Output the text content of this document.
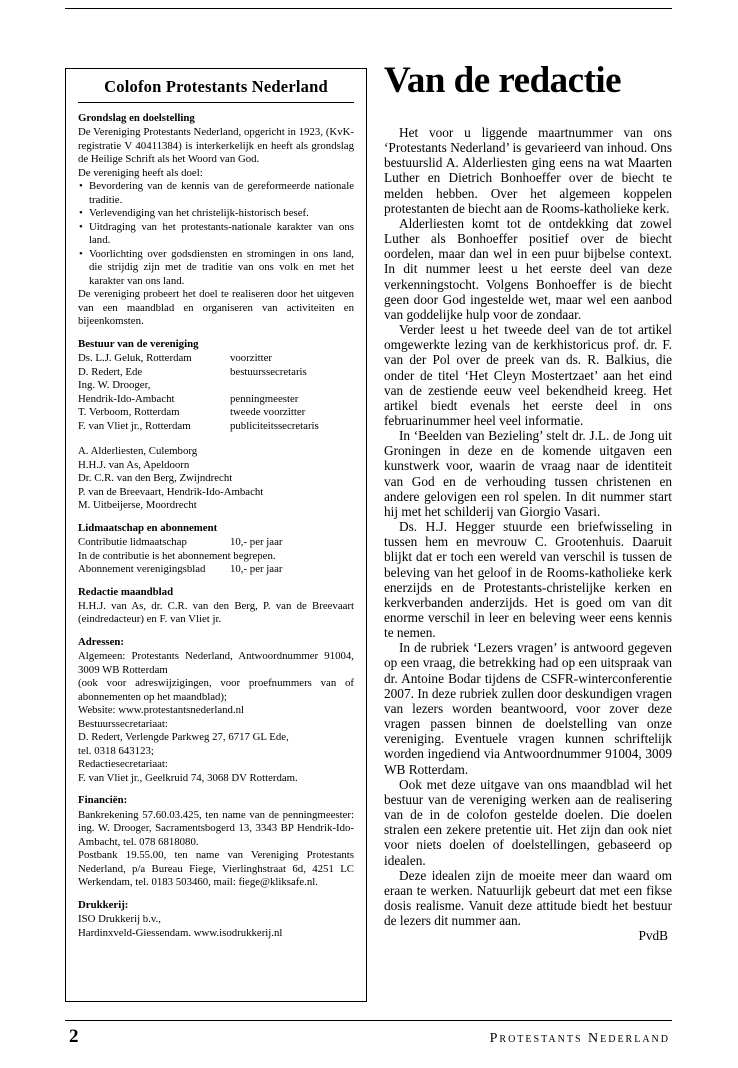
Colofon Protestants Nederland
Grondslag en doelstelling

De Vereniging Protestants Nederland, opgericht in 1923, (KvK-registratie V 40411384) is interkerkelijk en heeft als grondslag de Heilige Schrift als het Woord van God.

De vereniging heeft als doel:

• Bevordering van de kennis van de gereformeerde nationale traditie.
• Verlevendiging van het christelijk-historisch besef.
• Uitdraging van het protestants-nationale karakter van ons land.
• Voorlichting over godsdiensten en stromingen in ons land, die strijdig zijn met de traditie van ons volk en met het karakter van ons land.

De vereniging probeert het doel te realiseren door het uitgeven van een maandblad en organiseren van activiteiten en bijeenkomsten.

Bestuur van de vereniging
Ds. L.J. Geluk, Rotterdam	voorzitter
D. Redert, Ede	bestuurssecretaris
Ing. W. Drooger,
Hendrik-Ido-Ambacht	penningmeester
T. Verboom, Rotterdam	tweede voorzitter
F. van Vliet jr., Rotterdam	publiciteitssecretaris
A. Alderliesten, Culemborg
H.H.J. van As, Apeldoorn
Dr. C.R. van den Berg, Zwijndrecht
P. van de Breevaart, Hendrik-Ido-Ambacht
M. Uitbeijerse, Moordrecht
Lidmaatschap en abonnement
Contributie lidmaatschap	10,- per jaar

In de contributie is het abonnement begrepen.

Abonnement verenigingsblad	10,- per jaar
Redactie maandblad

H.H.J. van As, dr. C.R. van den Berg, P. van de Breevaart (eindredacteur) en F. van Vliet jr.

Adressen:

Algemeen: Protestants Nederland, Antwoordnummer 91004, 3009 WB Rotterdam

(ook voor adreswijzigingen, voor proefnummers van of abonnementen op het maandblad);

Website: www.protestantsnederland.nl

Bestuurssecretariaat:

D. Redert, Verlengde Parkweg 27, 6717 GL Ede,

tel. 0318 643123;

Redactiesecretariaat:

F. van Vliet jr., Geelkruid 74, 3068 DV Rotterdam.

Financiën:

Bankrekening 57.60.03.425, ten name van de penningmeester: ing. W. Drooger, Sacramentsbogerd 13, 3343 BP Hendrik-Ido-Ambacht, tel. 078 6818080.

Postbank 19.55.00, ten name van Vereniging Protestants Nederland, p/a Bureau Fiege, Vierlinghstraat 6d, 4251 LC Werkendam, tel. 0183 503460, mail: fiege@kliksafe.nl.

Drukkerij:

ISO Drukkerij b.v.,

Hardinxveld-Giessendam. www.isodrukkerij.nl

Van de redactie

Het voor u liggende maartnummer van ons ‘Protestants Nederland’ is gevarieerd van inhoud. Ons bestuurslid A. Alderliesten ging eens na wat Maarten Luther en Dietrich Bonhoeffer over de biecht te melden hebben. Over het algemeen koppelen protestanten de biecht aan de Rooms-katholieke kerk.

Alderliesten komt tot de ontdekking dat zowel Luther als Bonhoeffer positief over de biecht oordelen, maar dan wel in een puur bijbelse context. In dit nummer leest u het eerste deel van deze verkenningstocht. Volgens Bonhoeffer is de biecht geen door God ingestelde wet, maar wel een aanbod van goddelijke hulp voor de zondaar.

Verder leest u het tweede deel van de tot artikel omgewerkte lezing van de kerkhistoricus prof. dr. F. van der Pol over de preek van ds. R. Balkius, die onder de titel ‘Het Cleyn Mostertzaet’ aan het eind van de zestiende eeuw veel bekendheid kreeg. Het artikel biedt evenals het eerste deel in ons februarinummer heel veel informatie.

In ‘Beelden van Bezieling’ stelt dr. J.L. de Jong uit Groningen in deze en de komende uitgaven een kunstwerk voor, waarin de vraag naar de identiteit van God en de verhouding tussen christenen en andere gelovigen een rol spelen. In dit nummer start hij met het schilderij van Giorgio Vasari.

Ds. H.J. Hegger stuurde een briefwisseling in tussen hem en mevrouw C. Grootenhuis. Daaruit blijkt dat er toch een wereld van verschil is tussen de beleving van het geloof in de Rooms-katholieke kerk enerzijds en de Protestants-christelijke kerken en kerkverbanden anderzijds. Het is goed om van dit enorme verschil in leer en beleving weer eens kennis te nemen.

In de rubriek ‘Lezers vragen’ is antwoord gegeven op een vraag, die betrekking had op een uitspraak van dr. Antoine Bodar tijdens de CSFR-winterconferentie 2007. In deze rubriek zullen door deskundigen vragen van lezers worden beantwoord, voor zover deze vragen passen binnen de doelstelling van onze vereniging. Eventuele vragen kunnen schriftelijk worden ingediend via Antwoordnummer 91004, 3009 WB Rotterdam.

Ook met deze uitgave van ons maandblad wil het bestuur van de vereniging werken aan de realisering van de in de colofon gestelde doelen. Die doelen stralen een zekere pretentie uit. Het zijn dan ook niet voor niets doelen of doelstellingen, gebaseerd op idealen.

Deze idealen zijn de moeite meer dan waard om eraan te werken. Natuurlijk gebeurt dat met een fikse dosis realisme. Vanuit deze attitude biedt het bestuur de lezers dit nummer aan.

PvdB
2	Protestants Nederland
